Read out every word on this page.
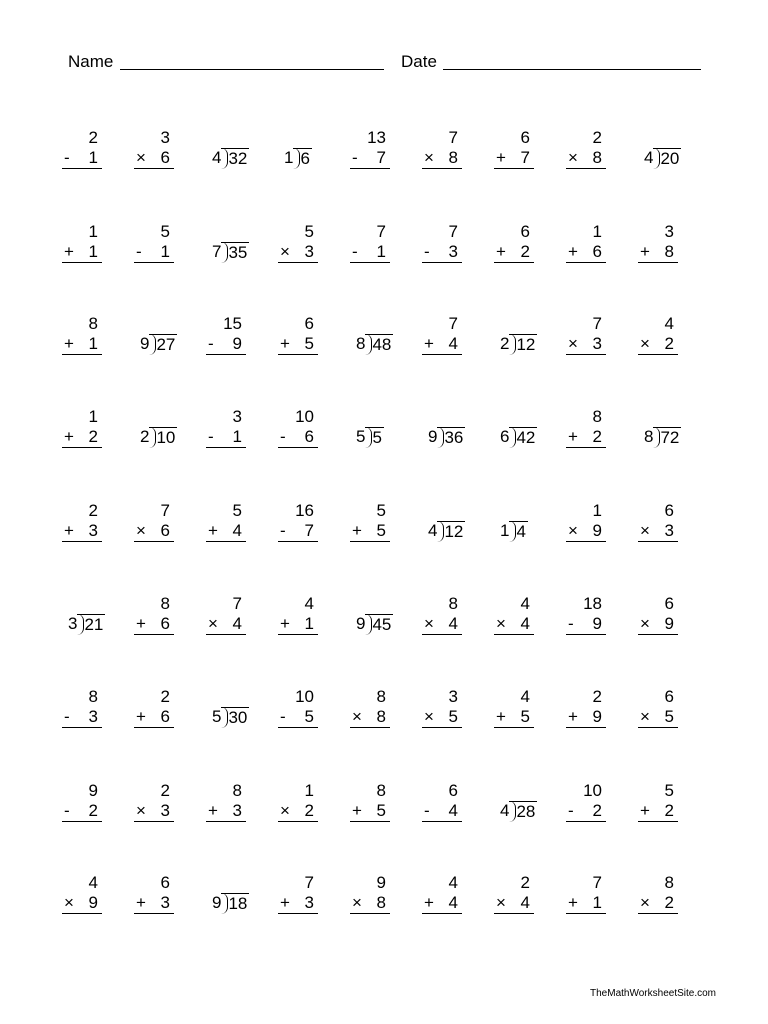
Name	Date
2
- 1
3
× 6 4 32 1 6
13
- 7
7
× 8
6
+ 7
2
× 8 4 20
1
+ 1
5
- 1 7 35
5
× 3
7
- 1
7
- 3
6
+ 2
1
+ 6
3
+ 8
8
+ 1 9 27
15
- 9
6
+ 5 8 48
7
+ 4 2 12
7
× 3
4
× 2
1
+ 2 2 10
3
- 1
10
- 6 5 5	9 36 6 42
8
+ 2 8 72
2
+ 3
7
× 6
5
+ 4
16
- 7
5
+ 5 4 12 1 4
1
× 9
6
× 3
3 21
8
+ 6
7
× 4
4
+ 1 9 45
8
× 4
4
× 4
18
- 9
6
× 9
8
- 3
2
+ 6 5 30
10
- 5
8
× 8
3
× 5
4
+ 5
2
+ 9
6
× 5
9
- 2
2
× 3
8
+ 3
1
× 2
8
+ 5
6
- 4 4 28
10
- 2
5
+ 2
4
× 9
6
+ 3 9 18
7
+ 3
9
× 8
4
+ 4
2
× 4
7
+ 1
8
× 2
TheMathWorksheetSite.com
